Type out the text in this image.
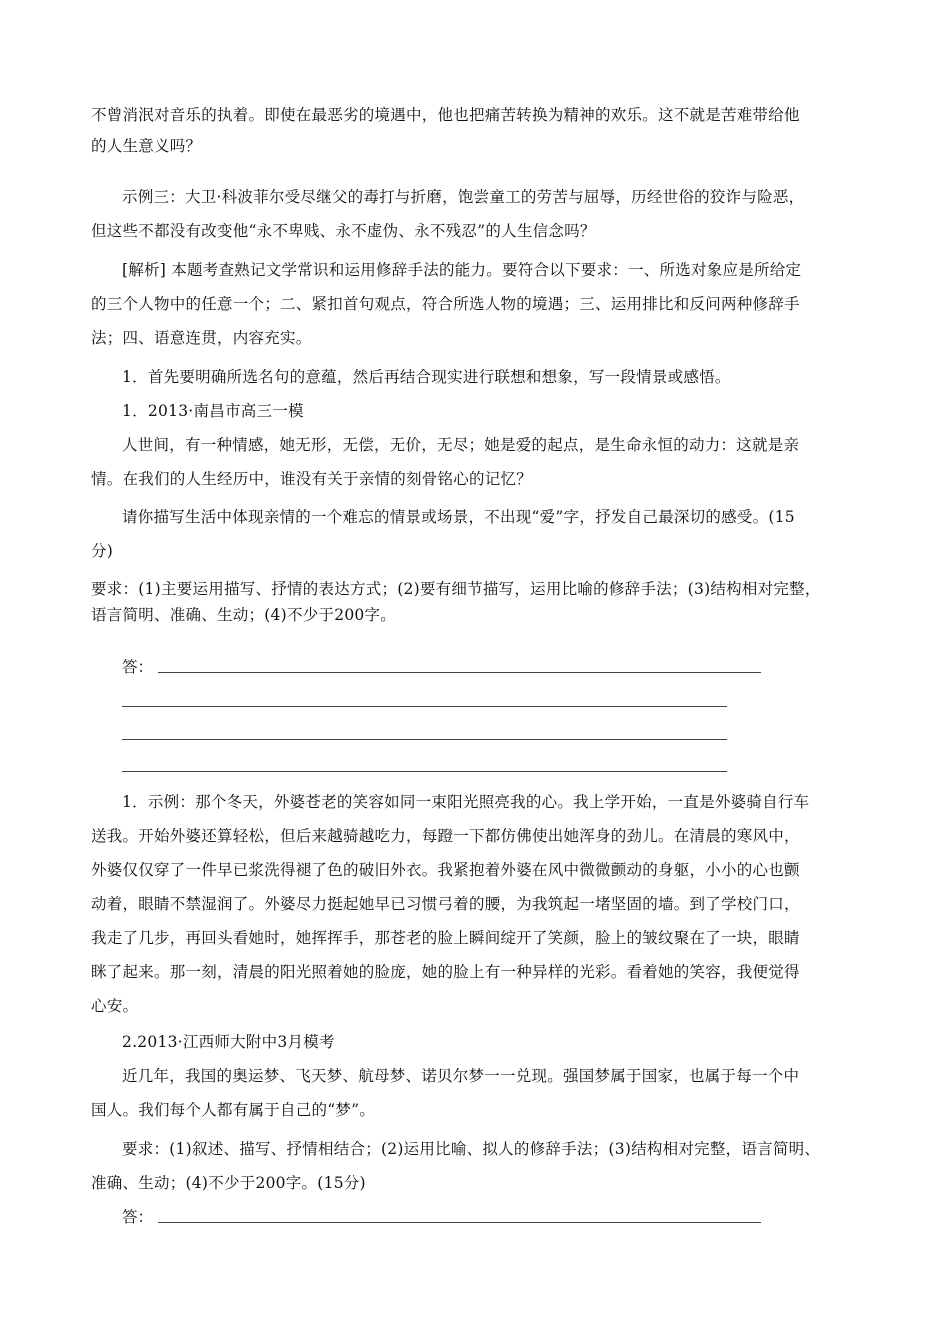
不曾消泯对音乐的执着。即使在最恶劣的境遇中，他也把痛苦转换为精神的欢乐。这不就是苦难带给他
的人生意义吗？
示例三：大卫·科波菲尔受尽继父的毒打与折磨，饱尝童工的劳苦与屈辱，历经世俗的狡诈与险恶，
但这些不都没有改变他“永不卑贱、永不虚伪、永不残忍”的人生信念吗？
[解析] 本题考查熟记文学常识和运用修辞手法的能力。要符合以下要求：一、所选对象应是所给定
的三个人物中的任意一个；二、紧扣首句观点，符合所选人物的境遇；三、运用排比和反问两种修辞手
法；四、语意连贯，内容充实。
1．首先要明确所选名句的意蕴，然后再结合现实进行联想和想象，写一段情景或感悟。
1．2013·南昌市高三一模
人世间，有一种情感，她无形，无偿，无价，无尽；她是爱的起点，是生命永恒的动力：这就是亲
情。在我们的人生经历中，谁没有关于亲情的刻骨铭心的记忆？
请你描写生活中体现亲情的一个难忘的情景或场景，不出现“爱”字，抒发自己最深切的感受。(15
分)
要求：(1)主要运用描写、抒情的表达方式；(2)要有细节描写，运用比喻的修辞手法；(3)结构相对完整，
语言简明、准确、生动；(4)不少于200字。
答：
1．示例：那个冬天，外婆苍老的笑容如同一束阳光照亮我的心。我上学开始，一直是外婆骑自行车
送我。开始外婆还算轻松，但后来越骑越吃力，每蹬一下都仿佛使出她浑身的劲儿。在清晨的寒风中，
外婆仅仅穿了一件早已浆洗得褪了色的破旧外衣。我紧抱着外婆在风中微微颤动的身躯，小小的心也颤
动着，眼睛不禁湿润了。外婆尽力挺起她早已习惯弓着的腰，为我筑起一堵坚固的墙。到了学校门口，
我走了几步，再回头看她时，她挥挥手，那苍老的脸上瞬间绽开了笑颜，脸上的皱纹聚在了一块，眼睛
眯了起来。那一刻，清晨的阳光照着她的脸庞，她的脸上有一种异样的光彩。看着她的笑容，我便觉得
心安。
2.2013·江西师大附中3月模考
近几年，我国的奥运梦、飞天梦、航母梦、诺贝尔梦一一兑现。强国梦属于国家，也属于每一个中
国人。我们每个人都有属于自己的“梦”。
要求：(1)叙述、描写、抒情相结合；(2)运用比喻、拟人的修辞手法；(3)结构相对完整，语言简明、
准确、生动；(4)不少于200字。(15分)
答：
